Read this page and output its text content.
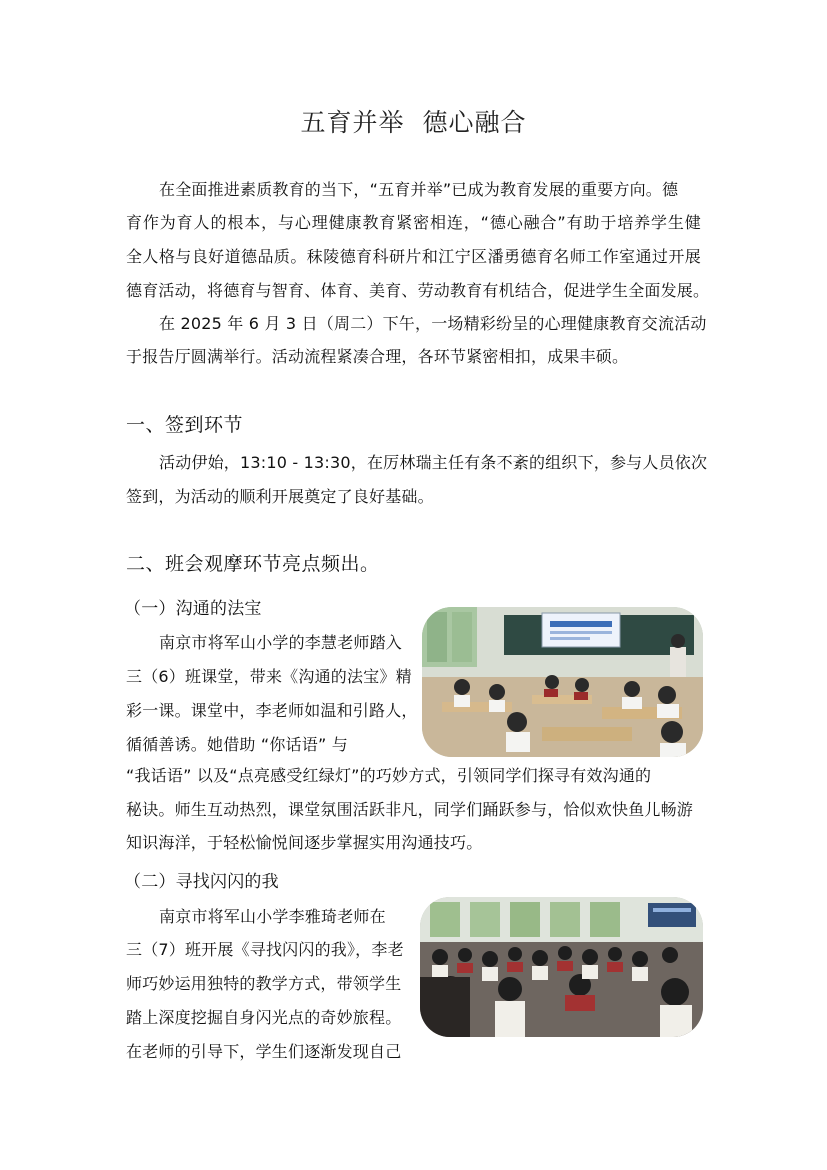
五育并举  德心融合
在全面推进素质教育的当下，“五育并举”已成为教育发展的重要方向。德
育作为育人的根本，与心理健康教育紧密相连，“德心融合”有助于培养学生健
全人格与良好道德品质。秣陵德育科研片和江宁区潘勇德育名师工作室通过开展
德育活动，将德育与智育、体育、美育、劳动教育有机结合，促进学生全面发展。
在 2025 年 6 月 3 日（周二）下午，一场精彩纷呈的心理健康教育交流活动
于报告厅圆满举行。活动流程紧凑合理，各环节紧密相扣，成果丰硕。
一、签到环节
活动伊始，13:10 - 13:30，在厉林瑞主任有条不紊的组织下，参与人员依次
签到，为活动的顺利开展奠定了良好基础。
二、班会观摩环节亮点频出。
（一）沟通的法宝
南京市将军山小学的李慧老师踏入
三（6）班课堂，带来《沟通的法宝》精
彩一课。课堂中，李老师如温和引路人，
循循善诱。她借助 “你话语” 与
“我话语” 以及“点亮感受红绿灯”的巧妙方式，引领同学们探寻有效沟通的
秘诀。师生互动热烈，课堂氛围活跃非凡，同学们踊跃参与，恰似欢快鱼儿畅游
知识海洋，于轻松愉悦间逐步掌握实用沟通技巧。
（二）寻找闪闪的我
南京市将军山小学李雅琦老师在
三（7）班开展《寻找闪闪的我》，李老
师巧妙运用独特的教学方式，带领学生
踏上深度挖掘自身闪光点的奇妙旅程。
在老师的引导下，学生们逐渐发现自己
